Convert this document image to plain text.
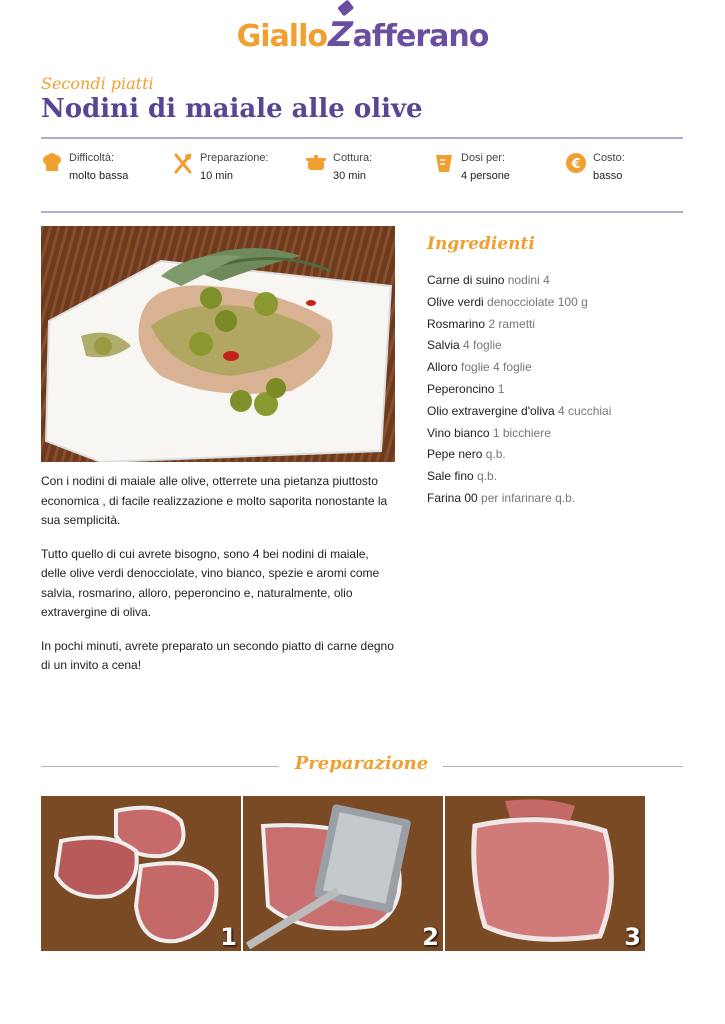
GialloZafferano
Secondi piatti
Nodini di maiale alle olive
Difficoltà:
molto bassa
Preparazione:
10 min
Cottura:
30 min
Dosi per:
4 persone
€ Costo:
basso

Con i nodini di maiale alle olive, otterrete una pietanza piuttosto economica , di facile realizzazione e molto saporita nonostante la sua semplicità.

Tutto quello di cui avrete bisogno, sono 4 bei nodini di maiale, delle olive verdi denocciolate, vino bianco, spezie e aromi come salvia, rosmarino, alloro, peperoncino e, naturalmente, olio extravergine di oliva.

In pochi minuti, avrete preparato un secondo piatto di carne degno di un invito a cena!

Ingredienti
Carne di suino nodini 4
Olive verdi denocciolate 100 g
Rosmarino 2 rametti
Salvia 4 foglie
Alloro foglie 4 foglie
Peperoncino 1
Olio extravergine d'oliva 4 cucchiai
Vino bianco 1 bicchiere
Pepe nero q.b.
Sale fino q.b.
Farina 00 per infarinare q.b.
Preparazione
1	2	3
